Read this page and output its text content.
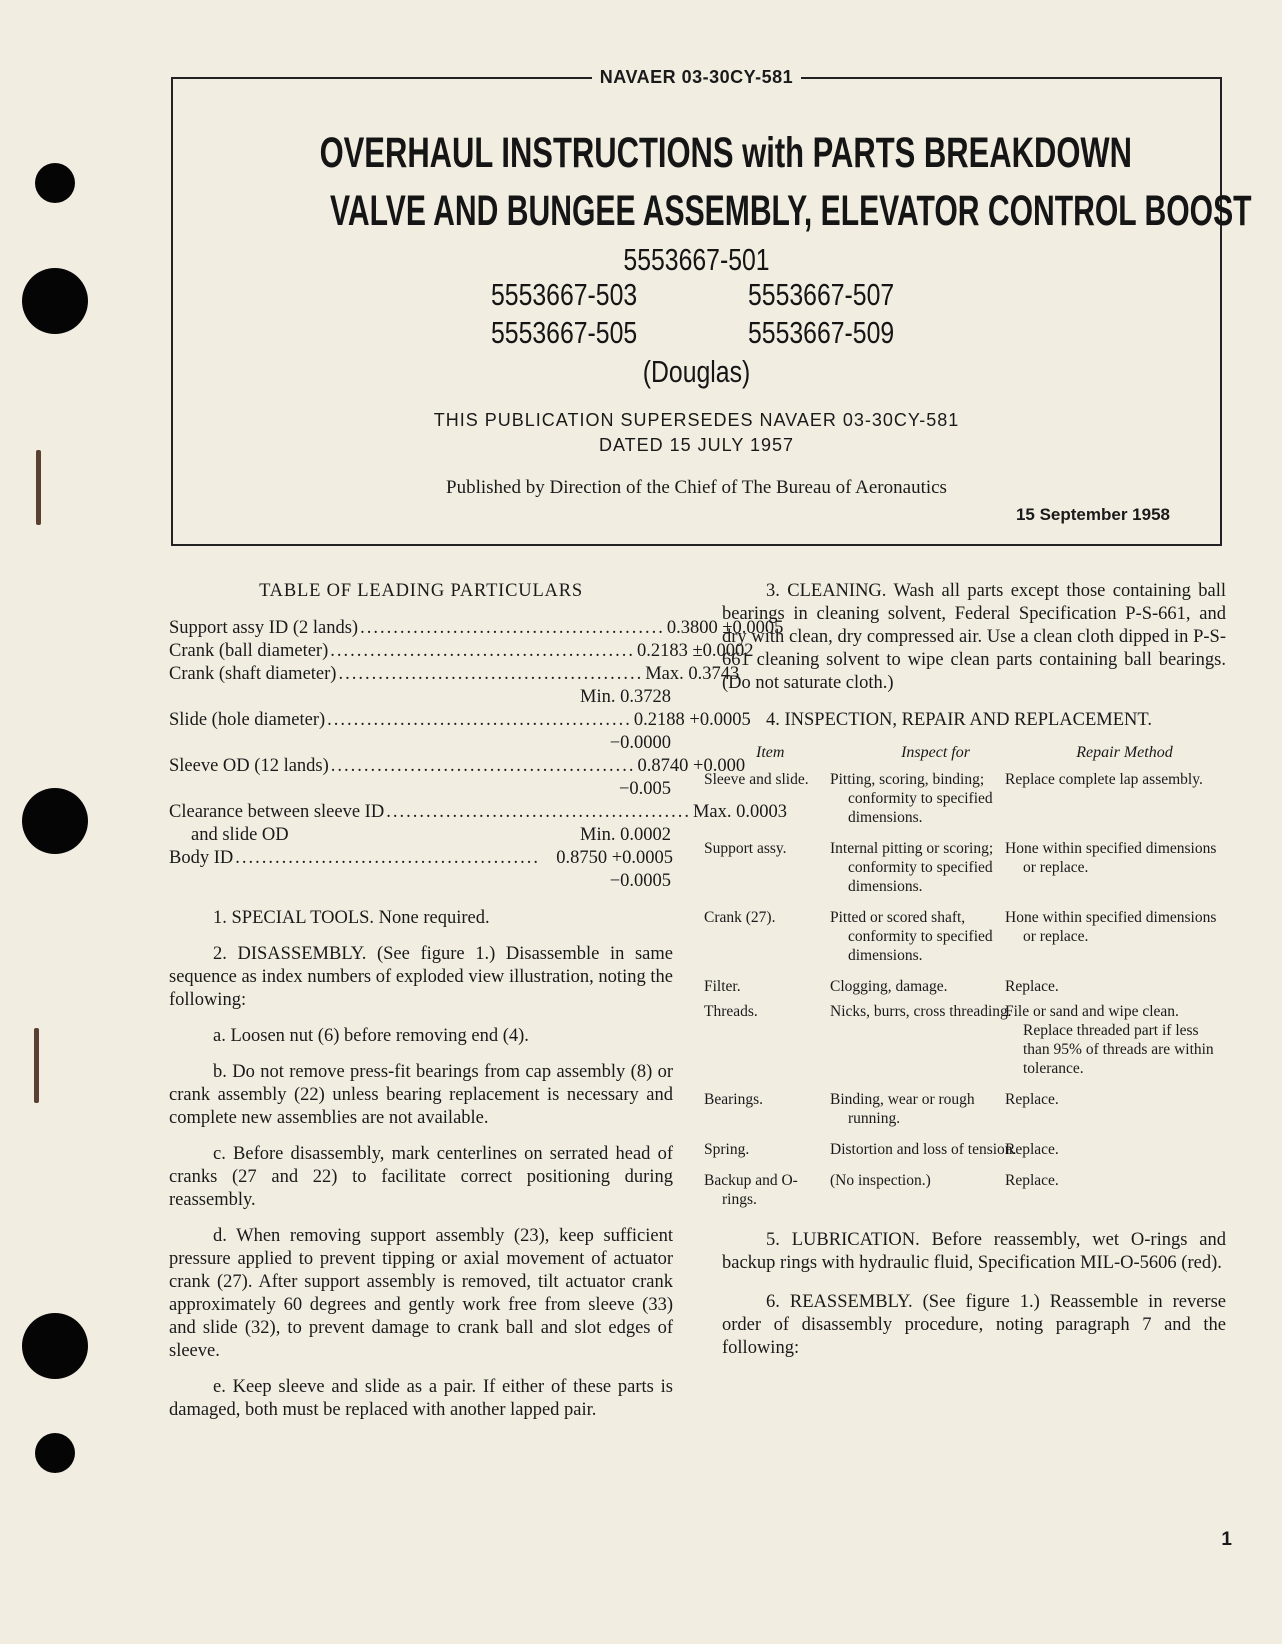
NAVAER 03-30CY-581
OVERHAUL INSTRUCTIONS with PARTS BREAKDOWN
VALVE AND BUNGEE ASSEMBLY, ELEVATOR CONTROL BOOST
5553667-501
5553667-503	5553667-507
5553667-505	5553667-509
(Douglas)
THIS PUBLICATION SUPERSEDES NAVAER 03-30CY-581
DATED 15 JULY 1957
Published by Direction of the Chief of The Bureau of Aeronautics
15 September 1958
TABLE OF LEADING PARTICULARS
Support assy ID (2 lands) .............................................. 0.3800 ±0.0005
Crank (ball diameter) .............................................. 0.2183 ±0.0002
Crank (shaft diameter) .............................................. Max. 0.3743
Min. 0.3728
Slide (hole diameter) .............................................. 0.2188 +0.0005
−0.0000
Sleeve OD (12 lands) .............................................. 0.8740 +0.000
−0.005
Clearance between sleeve ID .............................................. Max. 0.0003
and slide OD	Min. 0.0002
Body ID .............................................. 0.8750 +0.0005
−0.0005

1. SPECIAL TOOLS. None required.

2. DISASSEMBLY. (See figure 1.) Disassemble in same sequence as index numbers of exploded view illustration, noting the following:

a. Loosen nut (6) before removing end (4).

b. Do not remove press-fit bearings from cap assembly (8) or crank assembly (22) unless bearing replacement is necessary and complete new assemblies are not available.

c. Before disassembly, mark centerlines on serrated head of cranks (27 and 22) to facilitate correct positioning during reassembly.

d. When removing support assembly (23), keep sufficient pressure applied to prevent tipping or axial movement of actuator crank (27). After support assembly is removed, tilt actuator crank approximately 60 degrees and gently work free from sleeve (33) and slide (32), to prevent damage to crank ball and slot edges of sleeve.

e. Keep sleeve and slide as a pair. If either of these parts is damaged, both must be replaced with another lapped pair.

3. CLEANING. Wash all parts except those containing ball bearings in cleaning solvent, Federal Specification P-S-661, and dry with clean, dry compressed air. Use a clean cloth dipped in P-S-661 cleaning solvent to wipe clean parts containing ball bearings. (Do not saturate cloth.)

4. INSPECTION, REPAIR AND REPLACEMENT.

Item	Inspect for	Repair Method
Sleeve and slide.	Pitting, scoring, binding; conformity to specified dimensions.	Replace complete lap assembly.
Support assy.	Internal pitting or scoring; conformity to specified dimensions.	Hone within specified dimensions or replace.
Crank (27).	Pitted or scored shaft, conformity to specified dimensions.	Hone within specified dimensions or replace.
Filter.	Clogging, damage.	Replace.
Threads.	Nicks, burrs, cross threading.	File or sand and wipe clean. Replace threaded part if less than 95% of threads are within tolerance.
Bearings.	Binding, wear or rough running.	Replace.
Spring.	Distortion and loss of tension.	Replace.
Backup and O-rings.	(No inspection.)	Replace.

5. LUBRICATION. Before reassembly, wet O-rings and backup rings with hydraulic fluid, Specification MIL-O-5606 (red).

6. REASSEMBLY. (See figure 1.) Reassemble in reverse order of disassembly procedure, noting paragraph 7 and the following:

1
